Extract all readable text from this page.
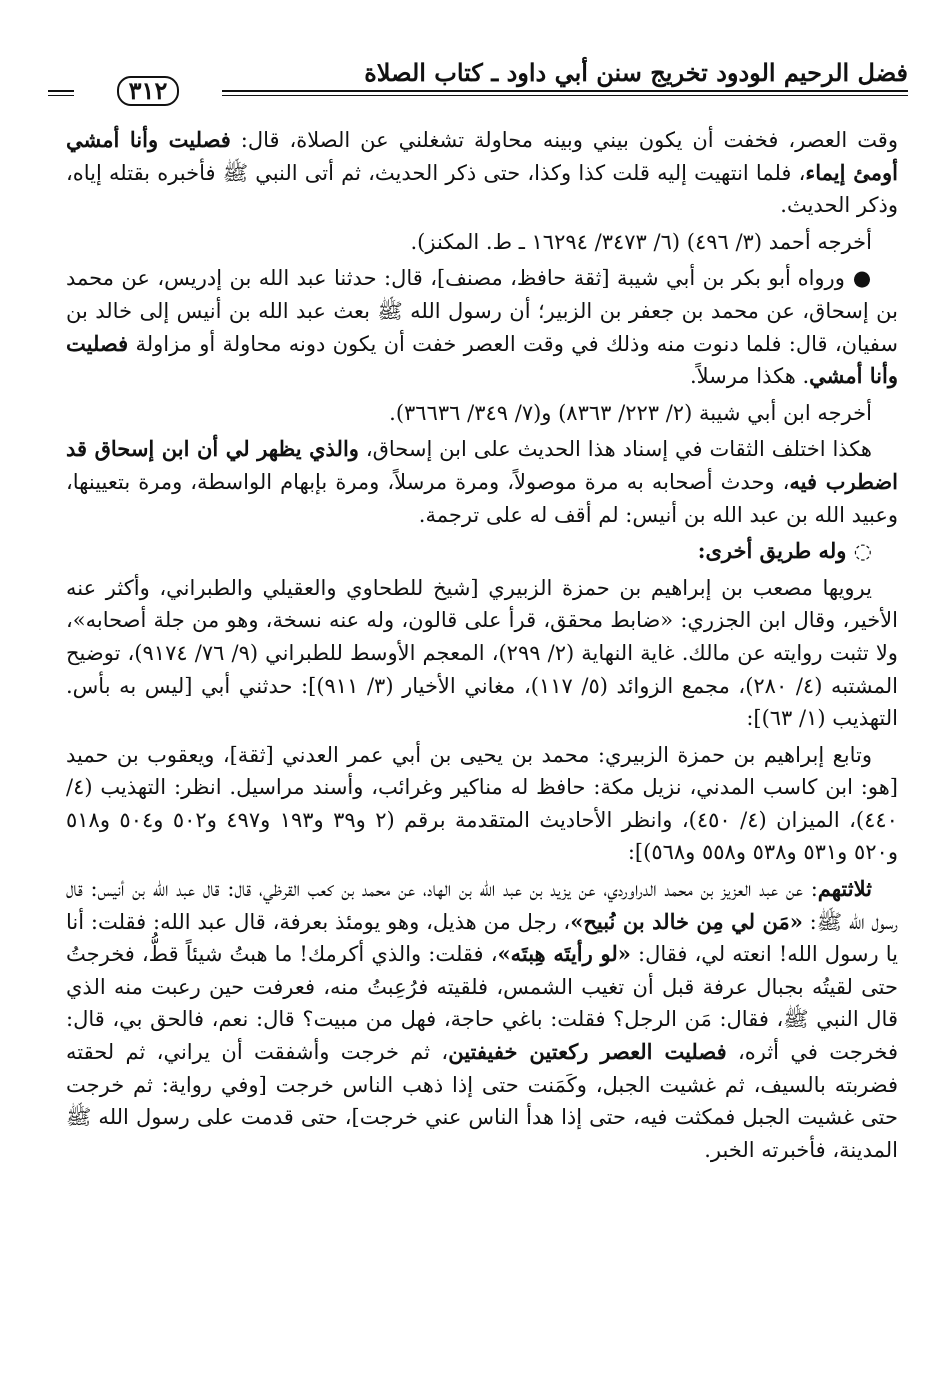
٣١٢
فضل الرحيم الودود تخريج سنن أبي داود ـ كتاب الصلاة

وقت العصر، فخفت أن يكون بيني وبينه محاولة تشغلني عن الصلاة، قال: فصليت وأنا أمشي أومئ إيماء، فلما انتهيت إليه قلت كذا وكذا، حتى ذكر الحديث، ثم أتى النبي ﷺ فأخبره بقتله إياه، وذكر الحديث.

أخرجه أحمد (٣/ ٤٩٦) (٦/ ٣٤٧٣/ ١٦٢٩٤ ـ ط. المكنز).

● ورواه أبو بكر بن أبي شيبة [ثقة حافظ، مصنف]، قال: حدثنا عبد الله بن إدريس، عن محمد بن إسحاق، عن محمد بن جعفر بن الزبير؛ أن رسول الله ﷺ بعث عبد الله بن أنيس إلى خالد بن سفيان، قال: فلما دنوت منه وذلك في وقت العصر خفت أن يكون دونه محاولة أو مزاولة فصليت وأنا أمشي. هكذا مرسلاً.

أخرجه ابن أبي شيبة (٢/ ٢٢٣/ ٨٣٦٣) و(٧/ ٣٤٩/ ٣٦٦٣٦).

هكذا اختلف الثقات في إسناد هذا الحديث على ابن إسحاق، والذي يظهر لي أن ابن إسحاق قد اضطرب فيه، وحدث أصحابه به مرة موصولاً، ومرة مرسلاً، ومرة بإبهام الواسطة، ومرة بتعيينها، وعبيد الله بن عبد الله بن أنيس: لم أقف له على ترجمة.

◌ وله طريق أخرى:

يرويها مصعب بن إبراهيم بن حمزة الزبيري [شيخ للطحاوي والعقيلي والطبراني، وأكثر عنه الأخير، وقال ابن الجزري: «ضابط محقق، قرأ على قالون، وله عنه نسخة، وهو من جلة أصحابه»، ولا تثبت روايته عن مالك. غاية النهاية (٢/ ٢٩٩)، المعجم الأوسط للطبراني (٩/ ٧٦/ ٩١٧٤)، توضيح المشتبه (٤/ ٢٨٠)، مجمع الزوائد (٥/ ١١٧)، مغاني الأخيار (٣/ ٩١١)]: حدثني أبي [ليس به بأس. التهذيب (١/ ٦٣)]:

وتابع إبراهيم بن حمزة الزبيري: محمد بن يحيى بن أبي عمر العدني [ثقة]، ويعقوب بن حميد [هو: ابن كاسب المدني، نزيل مكة: حافظ له مناكير وغرائب، وأسند مراسيل. انظر: التهذيب (٤/ ٤٤٠)، الميزان (٤/ ٤٥٠)، وانظر الأحاديث المتقدمة برقم (٢ و٣٩ و١٩٣ و٤٩٧ و٥٠٢ و٥٠٤ و٥١٨ و٥٢٠ و٥٣١ و٥٣٨ و٥٥٨ و٥٦٨)]:

ثلاثتهم: عن عبد العزيز بن محمد الدراوردي، عن يزيد بن عبد الله بن الهاد، عن محمد بن كعب القرظي، قال: قال عبد الله بن أنيس: قال رسول الله ﷺ: «مَن لي مِن خالد بن نُبيح»، رجل من هذيل، وهو يومئذ بعرفة، قال عبد الله: فقلت: أنا يا رسول الله! انعته لي، فقال: «لو رأيتَه هِبتَه»، فقلت: والذي أكرمك! ما هبتُ شيئاً قطُّ، فخرجتُ حتى لقيتُه بجبال عرفة قبل أن تغيب الشمس، فلقيته فرُعِبتُ منه، فعرفت حين رعبت منه الذي قال النبي ﷺ، فقال: مَن الرجل؟ فقلت: باغي حاجة، فهل من مبيت؟ قال: نعم، فالحق بي، قال: فخرجت في أثره، فصليت العصر ركعتين خفيفتين، ثم خرجت وأشفقت أن يراني، ثم لحقته فضربته بالسيف، ثم غشيت الجبل، وكَمَنت حتى إذا ذهب الناس خرجت [وفي رواية: ثم خرجت حتى غشيت الجبل فمكثت فيه، حتى إذا هدأ الناس عني خرجت]، حتى قدمت على رسول الله ﷺ المدينة، فأخبرته الخبر.
